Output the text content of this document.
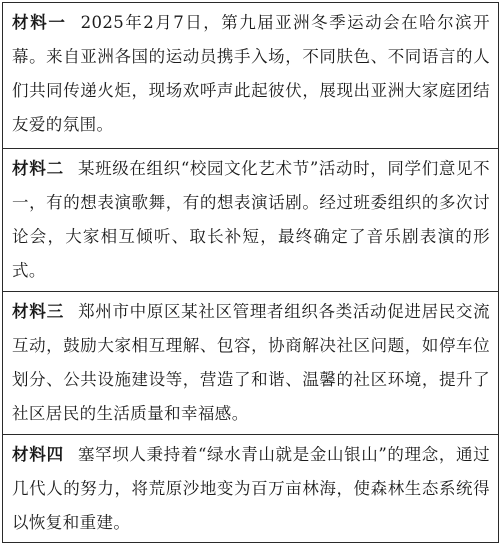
材料一 2025年2月7日，第九届亚洲冬季运动会在哈尔滨开幕。来自亚洲各国的运动员携手入场，不同肤色、不同语言的人们共同传递火炬，现场欢呼声此起彼伏，展现出亚洲大家庭团结友爱的氛围。

材料二 某班级在组织“校园文化艺术节”活动时，同学们意见不一，有的想表演歌舞，有的想表演话剧。经过班委组织的多次讨论会，大家相互倾听、取长补短，最终确定了音乐剧表演的形式。

材料三 郑州市中原区某社区管理者组织各类活动促进居民交流互动，鼓励大家相互理解、包容，协商解决社区问题，如停车位划分、公共设施建设等，营造了和谐、温馨的社区环境，提升了社区居民的生活质量和幸福感。

材料四 塞罕坝人秉持着“绿水青山就是金山银山”的理念，通过几代人的努力，将荒原沙地变为百万亩林海，使森林生态系统得以恢复和重建。
